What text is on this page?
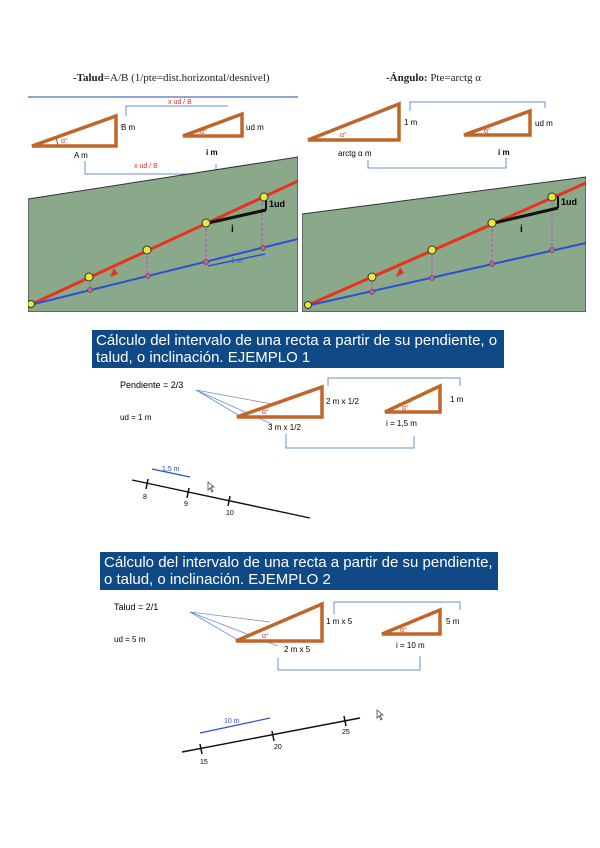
-Talud=A/B (1/pte=dist.horizontal/desnivel)
α°
B m
A m
α°
ud m
x ud / B
x ud / B
i m
1ud
i
1 m
-Ángulo: Pte=arctg α
α°
1 m
arctg α m
α°
ud m
i m
1ud
i
Cálculo del intervalo de una recta a partir de su pendiente, o talud, o inclinación. EJEMPLO 1
Pendiente = 2/3
ud = 1 m
α°
2 m x 1/2
3 m x 1/2
α°
1 m
i = 1,5 m
8
9
10
1,5 m
Cálculo del intervalo de una recta a partir de su pendiente, o talud, o inclinación. EJEMPLO 2
Talud = 2/1
ud = 5 m	α°
1 m x 5
2 m x 5
α°
5 m
i = 10 m
15
20
25
10 m
